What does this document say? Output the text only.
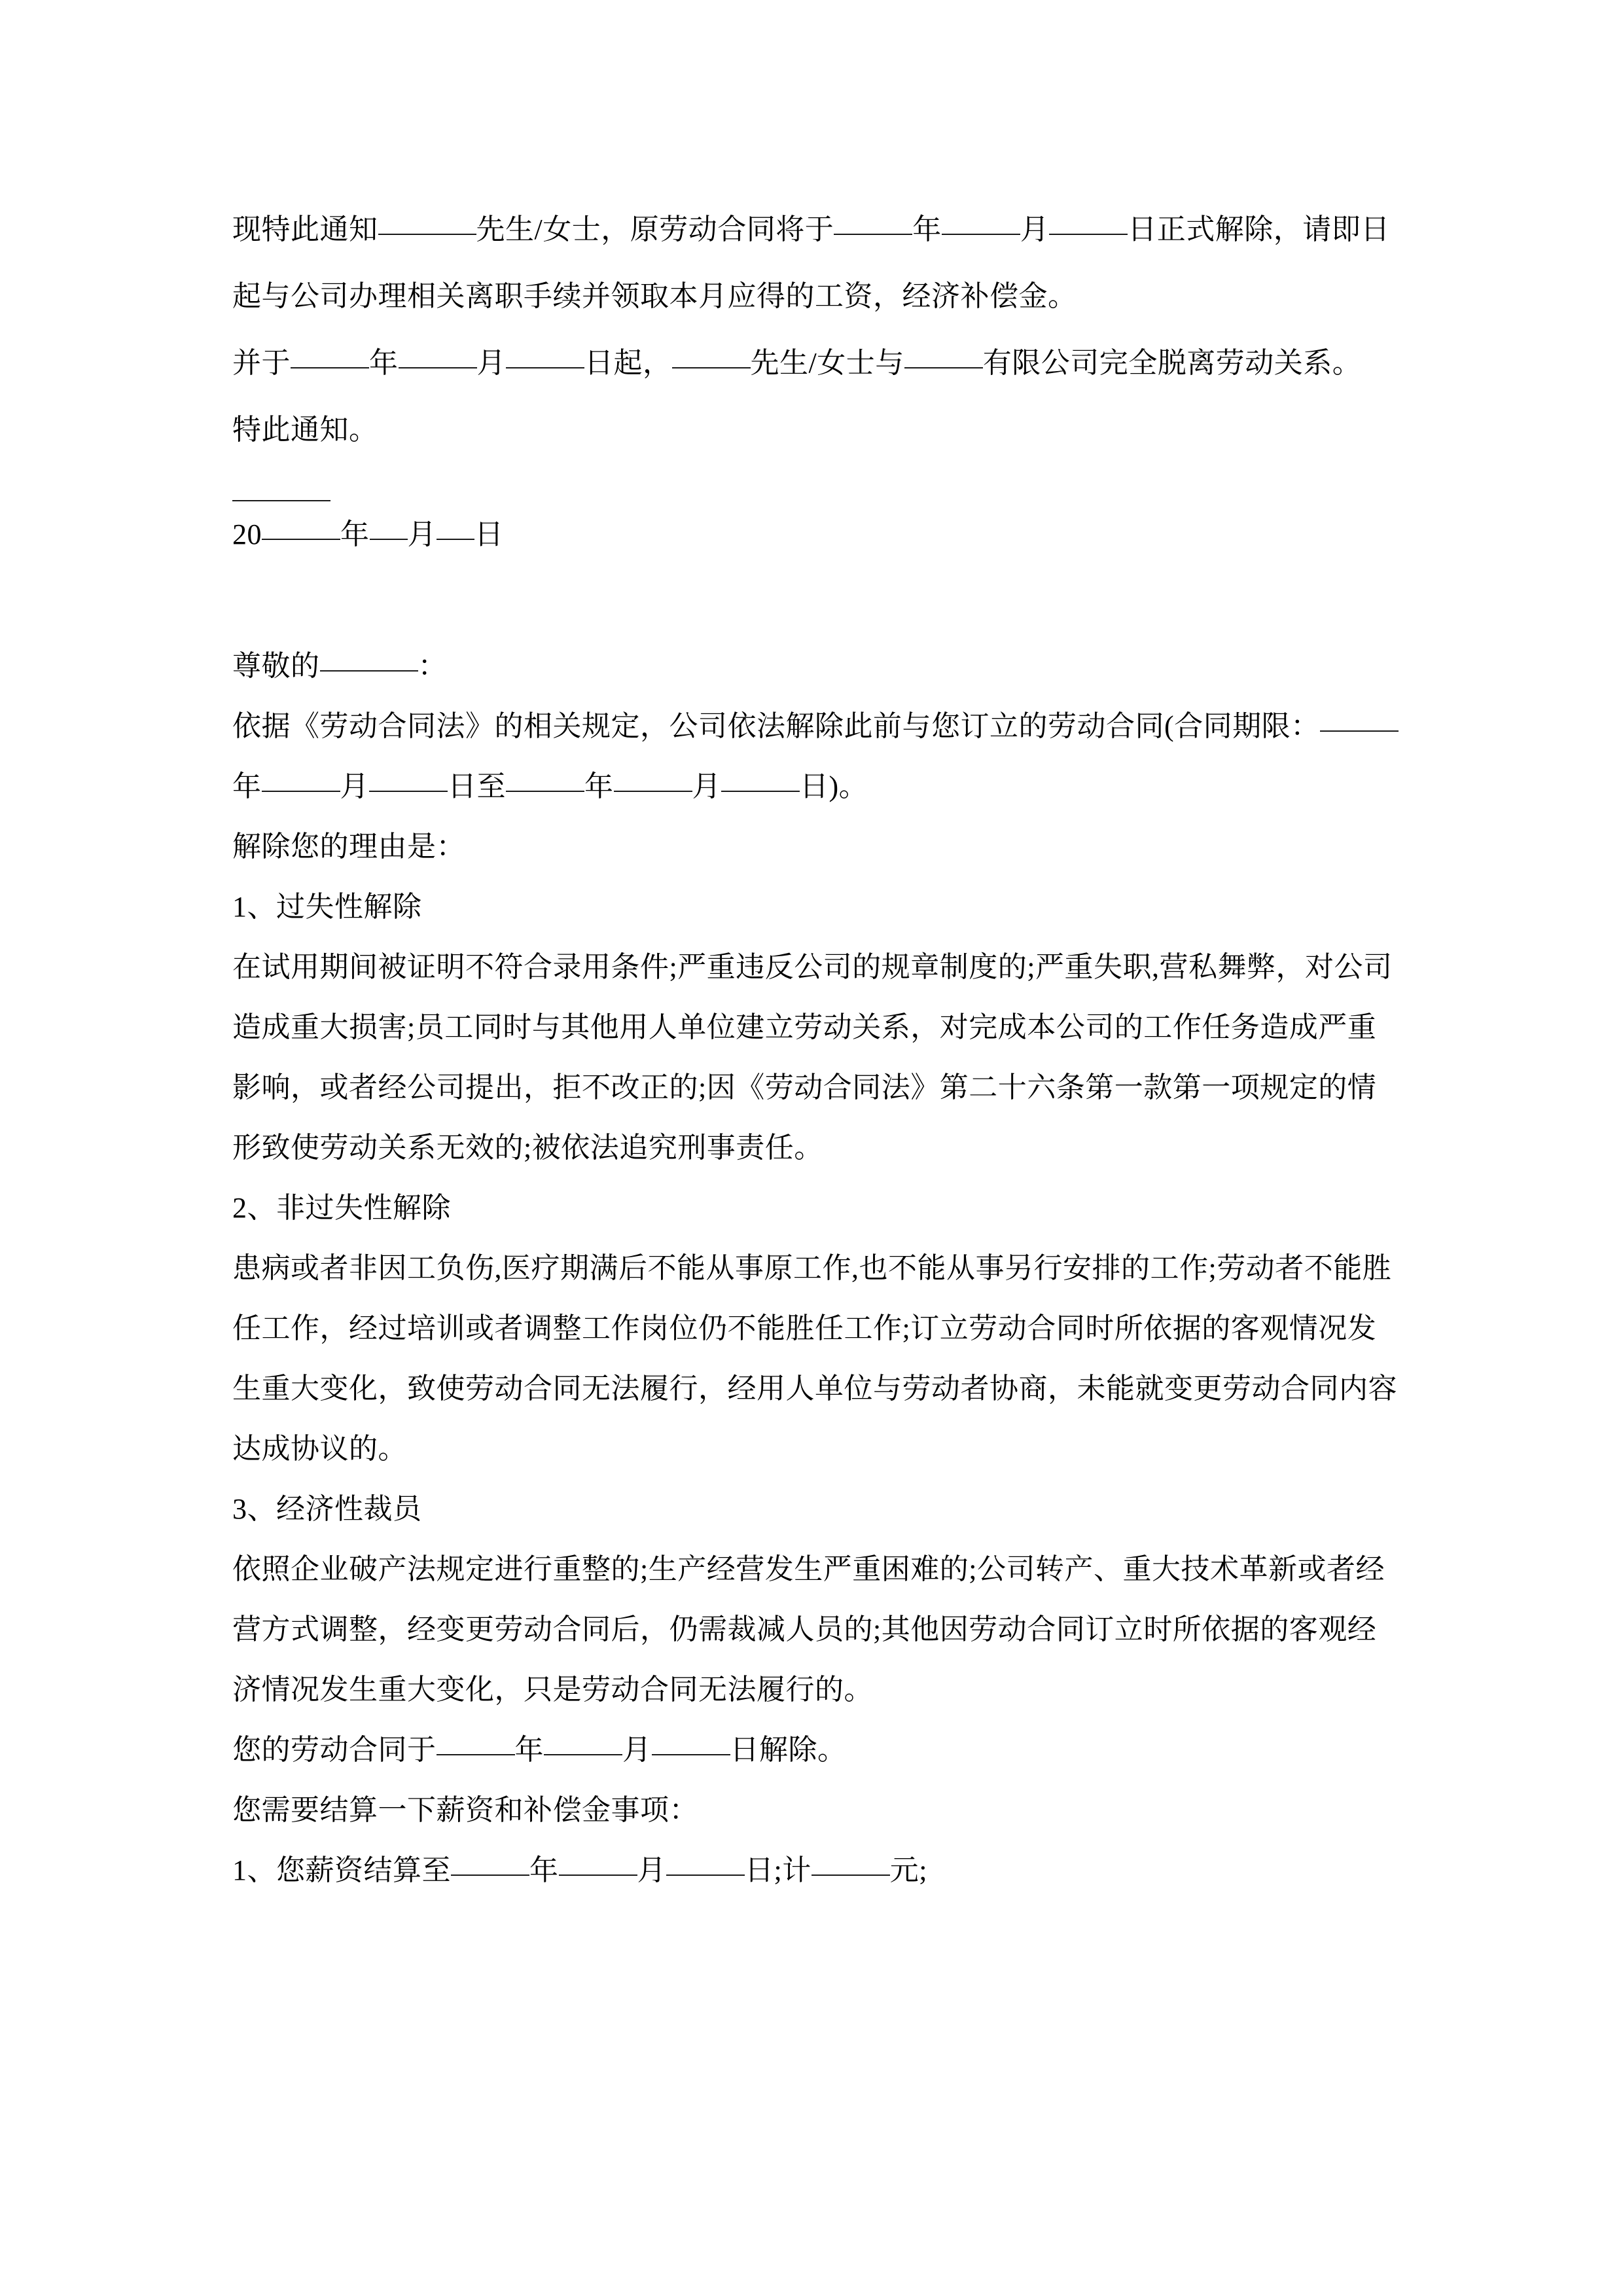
现特此通知	先生/女士，原劳动合同将于	年	月	日正式解除，请即日起与公司办理相关离职手续并领取本月应得的工资，经济补偿金。

并于	年	月	日起，	先生/女士与	有限公司完全脱离劳动关系。

特此通知。

20	年 月 日

尊敬的	：

依据《劳动合同法》的相关规定，公司依法解除此前与您订立的劳动合同(合同期限：年	月	日至	年	月	日)。

解除您的理由是：

1、过失性解除

在试用期间被证明不符合录用条件;严重违反公司的规章制度的;严重失职,营私舞弊，对公司造成重大损害;员工同时与其他用人单位建立劳动关系，对完成本公司的工作任务造成严重影响，或者经公司提出，拒不改正的;因《劳动合同法》第二十六条第一款第一项规定的情形致使劳动关系无效的;被依法追究刑事责任。

2、非过失性解除

患病或者非因工负伤,医疗期满后不能从事原工作,也不能从事另行安排的工作;劳动者不能胜任工作，经过培训或者调整工作岗位仍不能胜任工作;订立劳动合同时所依据的客观情况发生重大变化，致使劳动合同无法履行，经用人单位与劳动者协商，未能就变更劳动合同内容达成协议的。

3、经济性裁员

依照企业破产法规定进行重整的;生产经营发生严重困难的;公司转产、重大技术革新或者经营方式调整，经变更劳动合同后，仍需裁减人员的;其他因劳动合同订立时所依据的客观经济情况发生重大变化，只是劳动合同无法履行的。

您的劳动合同于	年	月	日解除。

您需要结算一下薪资和补偿金事项：

1、您薪资结算至	年	月	日;计	元;
